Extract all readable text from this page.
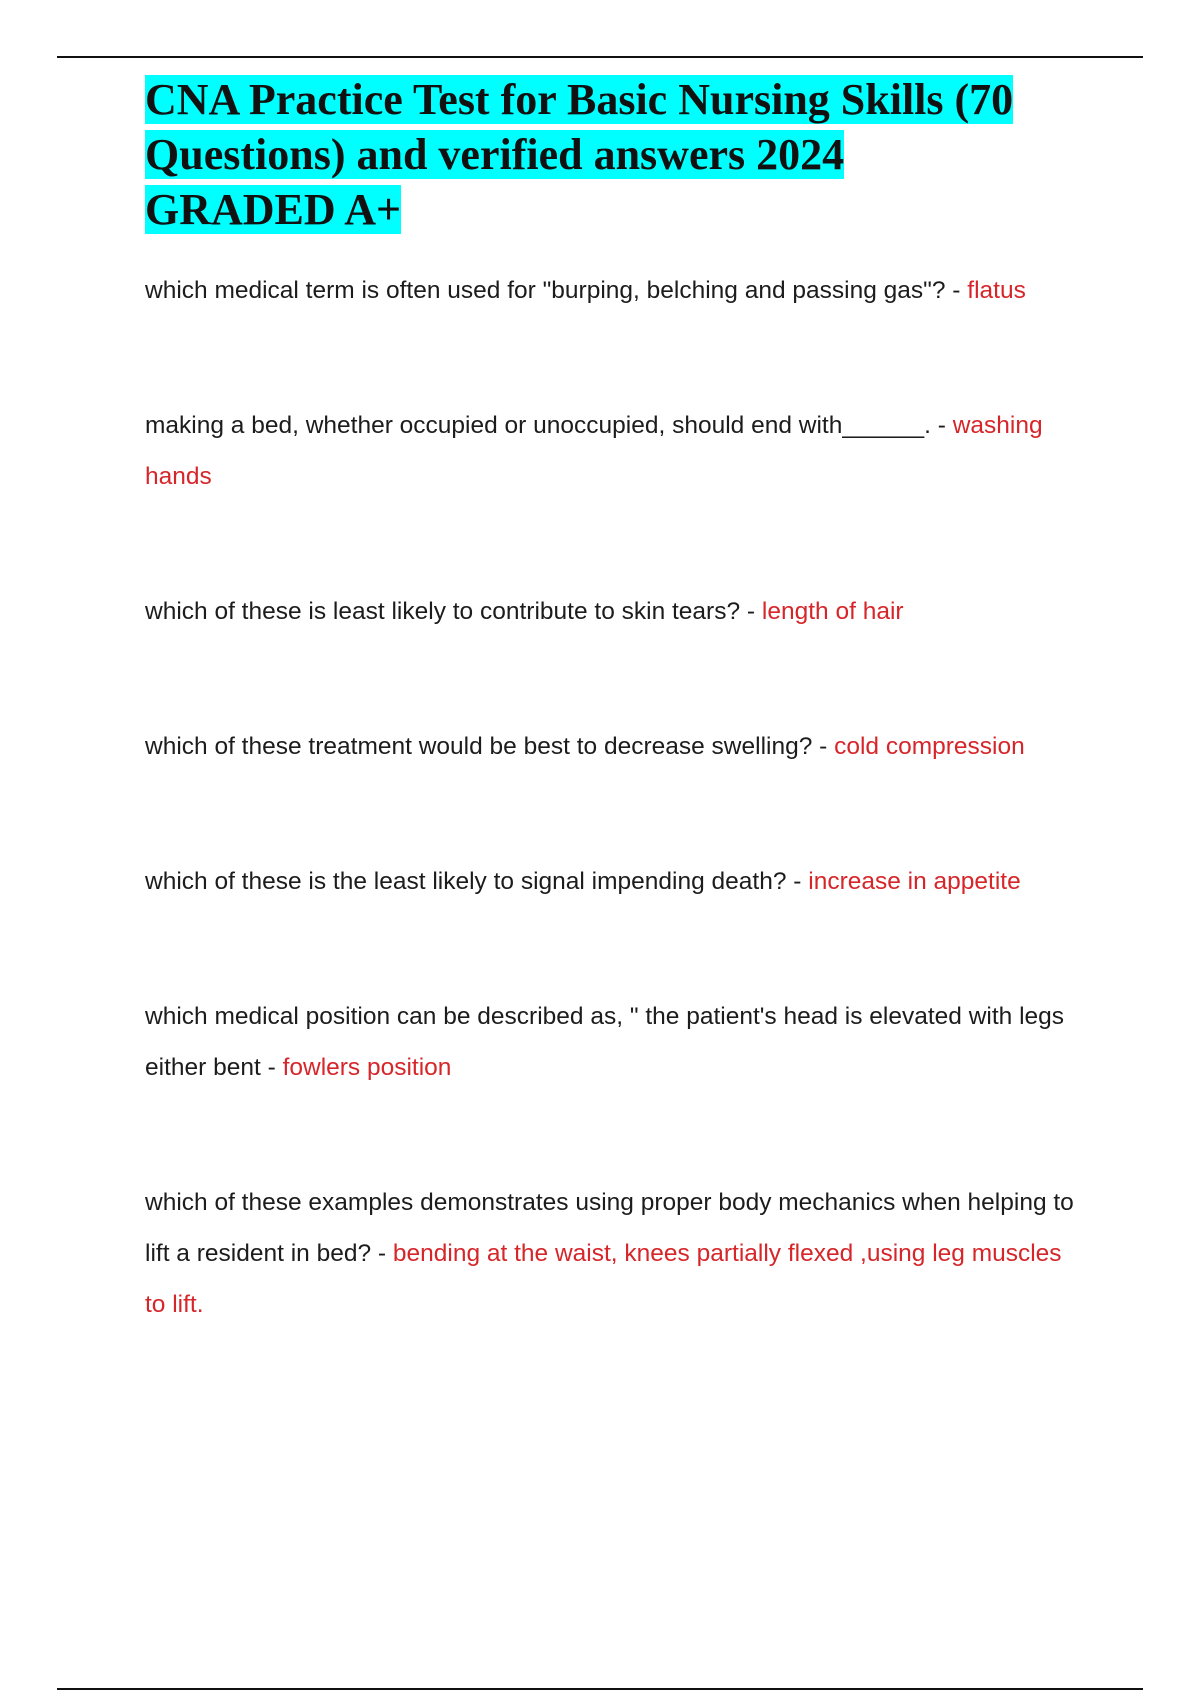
CNA Practice Test for Basic Nursing Skills (70 Questions) and verified answers 2024 GRADED A+

which medical term is often used for "burping, belching and passing gas"? - flatus

making a bed, whether occupied or unoccupied, should end with______. - washing hands

which of these is least likely to contribute to skin tears? - length of hair

which of these treatment would be best to decrease swelling? - cold compression

which of these is the least likely to signal impending death? - increase in appetite

which medical position can be described as, " the patient's head is elevated with legs either bent - fowlers position

which of these examples demonstrates using proper body mechanics when helping to lift a resident in bed? - bending at the waist, knees partially flexed ,using leg muscles to lift.
